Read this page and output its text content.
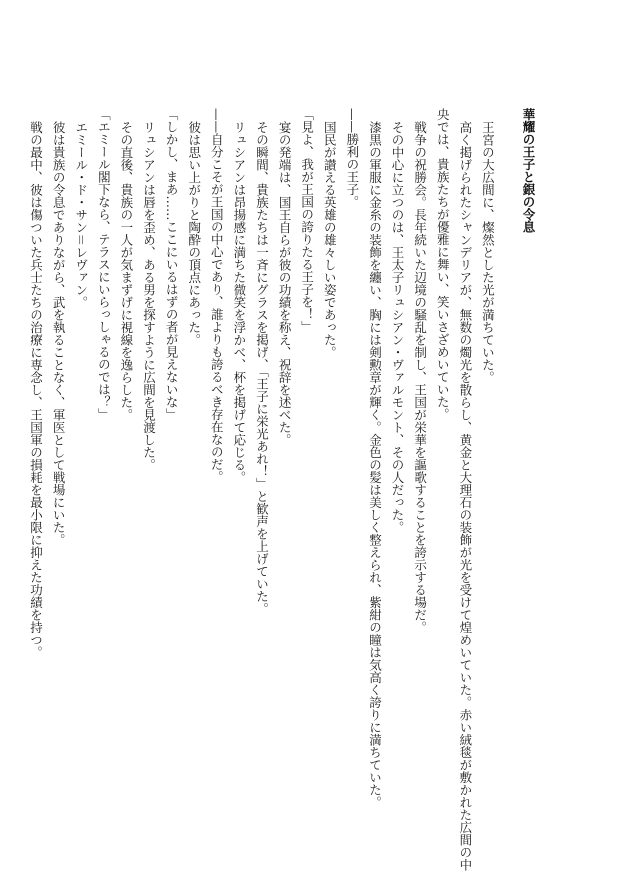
華耀の王子と銀の令息
王宮の大広間に、燦然とした光が満ちていた。
高く掲げられたシャンデリアが、無数の燭光を散らし、黄金と大理石の装飾が光を受けて煌めいていた。赤い絨毯が敷かれた広間の中
央では、貴族たちが優雅に舞い、笑いさざめいていた。
戦争の祝勝会。長年続いた辺境の騒乱を制し、王国が栄華を謳歌することを誇示する場だ。
その中心に立つのは、王太子リュシアン・ヴァルモント、その人だった。
漆黒の軍服に金糸の装飾を纏い、胸には剣勲章が輝く。金色の髪は美しく整えられ、紫紺の瞳は気高く誇りに満ちていた。
——勝利の王子。
国民が讃える英雄の雄々しい姿であった。
「見よ、我が王国の誇りたる王子を！」
宴の発端は、国王自らが彼の功績を称え、祝辞を述べた。
その瞬間、貴族たちは一斉にグラスを掲げ、「王子に栄光あれ！」と歓声を上げていた。
リュシアンは昂揚感に満ちた微笑を浮かべ、杯を掲げて応じる。
——自分こそが王国の中心であり、誰よりも誇るべき存在なのだ。
彼は思い上がりと陶酔の頂点にあった。
「しかし、まあ……ここにいるはずの者が見えないな」
リュシアンは唇を歪め、ある男を探すように広間を見渡した。
その直後、貴族の一人が気まずげに視線を逸らした。
「エミール閣下なら、テラスにいらっしゃるのでは？」
エミール・ド・サン＝レヴァン。
彼は貴族の令息でありながら、武を執ることなく、軍医として戦場にいた。
戦の最中、彼は傷ついた兵士たちの治療に専念し、王国軍の損耗を最小限に抑えた功績を持つ。
